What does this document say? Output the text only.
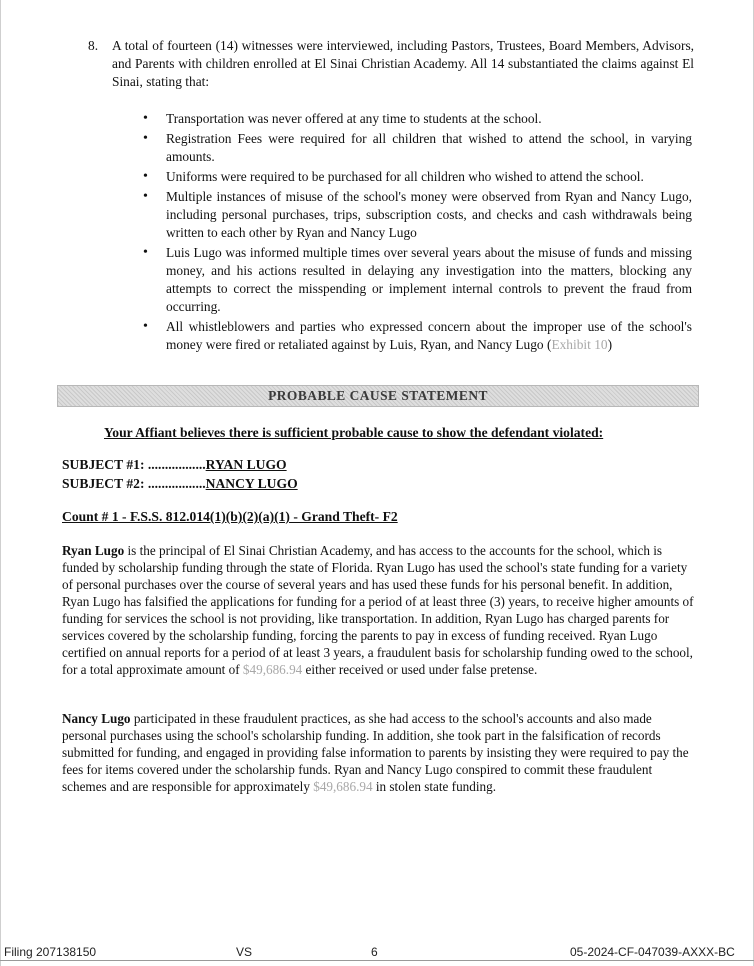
8. A total of fourteen (14) witnesses were interviewed, including Pastors, Trustees, Board Members, Advisors, and Parents with children enrolled at El Sinai Christian Academy. All 14 substantiated the claims against El Sinai, stating that:
• Transportation was never offered at any time to students at the school.
• Registration Fees were required for all children that wished to attend the school, in varying amounts.
• Uniforms were required to be purchased for all children who wished to attend the school.
• Multiple instances of misuse of the school's money were observed from Ryan and Nancy Lugo, including personal purchases, trips, subscription costs, and checks and cash withdrawals being written to each other by Ryan and Nancy Lugo
• Luis Lugo was informed multiple times over several years about the misuse of funds and missing money, and his actions resulted in delaying any investigation into the matters, blocking any attempts to correct the misspending or implement internal controls to prevent the fraud from occurring.
• All whistleblowers and parties who expressed concern about the improper use of the school's money were fired or retaliated against by Luis, Ryan, and Nancy Lugo (Exhibit 10)
PROBABLE CAUSE STATEMENT
Your Affiant believes there is sufficient probable cause to show the defendant violated:
SUBJECT #1: .................RYAN LUGO
SUBJECT #2: .................NANCY LUGO
Count # 1 - F.S.S. 812.014(1)(b)(2)(a)(1) - Grand Theft- F2
Ryan Lugo is the principal of El Sinai Christian Academy, and has access to the accounts for the school, which is funded by scholarship funding through the state of Florida. Ryan Lugo has used the school's state funding for a variety of personal purchases over the course of several years and has used these funds for his personal benefit. In addition, Ryan Lugo has falsified the applications for funding for a period of at least three (3) years, to receive higher amounts of funding for services the school is not providing, like transportation. In addition, Ryan Lugo has charged parents for services covered by the scholarship funding, forcing the parents to pay in excess of funding received. Ryan Lugo certified on annual reports for a period of at least 3 years, a fraudulent basis for scholarship funding owed to the school, for a total approximate amount of $49,686.94 either received or used under false pretense.
Nancy Lugo participated in these fraudulent practices, as she had access to the school's accounts and also made personal purchases using the school's scholarship funding. In addition, she took part in the falsification of records submitted for funding, and engaged in providing false information to parents by insisting they were required to pay the fees for items covered under the scholarship funds. Ryan and Nancy Lugo conspired to commit these fraudulent schemes and are responsible for approximately $49,686.94 in stolen state funding.
Filing 207138150	VS	6	05-2024-CF-047039-AXXX-BC
